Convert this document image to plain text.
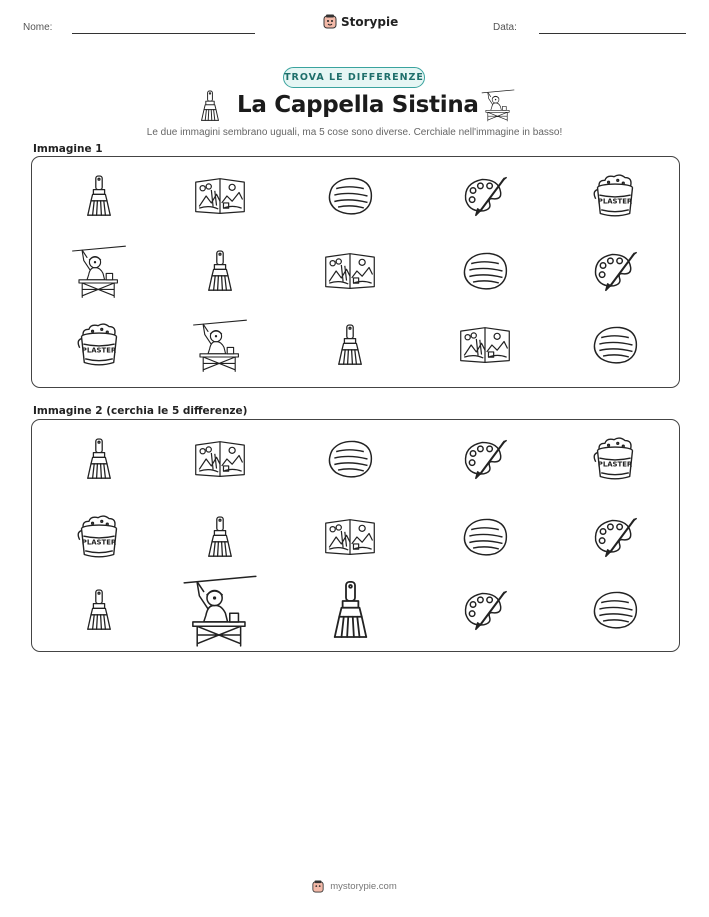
Nome:	Storypie	Data:
TROVA LE DIFFERENZE
La Cappella Sistina
Le due immagini sembrano uguali, ma 5 cose sono diverse. Cerchiale nell'immagine in basso!
Immagine 1
Immagine 2 (cerchia le 5 differenze)
mystorypie.com
